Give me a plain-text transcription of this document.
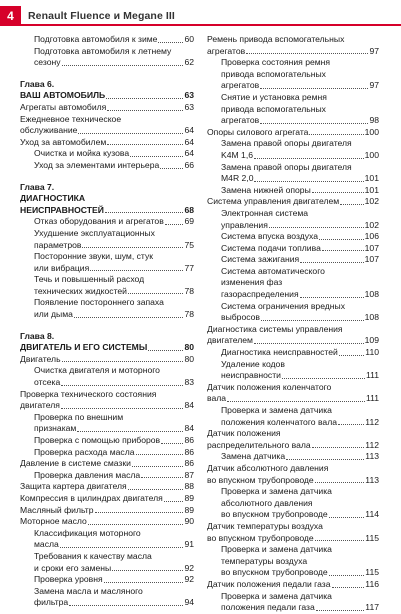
4	Renault Fluence и Megane III
Подготовка автомобиля к зиме	60
Подготовка автомобиля к летнему
сезону	62
Глава 6.
ВАШ АВТОМОБИЛЬ	63
Агрегаты автомобиля	63
Ежедневное техническое
обслуживание	64
Уход за автомобилем	64
Очистка и мойка кузова	64
Уход за элементами интерьера	66
Глава 7.
ДИАГНОСТИКА
НЕИСПРАВНОСТЕЙ	68
Отказ оборудования и агрегатов 69
Ухудшение эксплуатационных
параметров	75
Посторонние звуки, шум, стук
или вибрация	77
Течь и повышенный расход
технических жидкостей	78
Появление постороннего запаха
или дыма	78
Глава 8.
ДВИГАТЕЛЬ И ЕГО СИСТЕМЫ	80
Двигатель	80
Очистка двигателя и моторного
отсека	83
Проверка технического состояния
двигателя	84
Проверка по внешним
признакам	84
Проверка с помощью приборов	86
Проверка расхода масла	86
Давление в системе смазки	86
Проверка давления масла	87
Защита картера двигателя	88
Компрессия в цилиндрах двигателя	89
Масляный фильтр	89
Моторное масло	90
Классификация моторного
масла	91
Требования к качеству масла
и сроки его замены	92
Проверка уровня	92
Замена масла и масляного
фильтра	94
Ремень привода вспомогательных
агрегатов	97
Проверка состояния ремня
привода вспомогательных
агрегатов	97
Снятие и установка ремня
привода вспомогательных
агрегатов	98
Опоры силового агрегата	100
Замена правой опоры двигателя
K4M 1,6	100
Замена правой опоры двигателя
M4R 2,0	101
Замена нижней опоры	101
Система управления двигателем	102
Электронная система
управления	102
Система впуска воздуха	106
Система подачи топлива	107
Система зажигания	107
Система автоматического
изменения фаз
газораспределения	108
Система ограничения вредных
выбросов	108
Диагностика системы управления
двигателем	109
Диагностика неисправностей	110
Удаление кодов
неисправности	111
Датчик положения коленчатого
вала	111
Проверка и замена датчика
положения коленчатого вала	112
Датчик положения
распределительного вала	112
Замена датчика	113
Датчик абсолютного давления
во впускном трубопроводе	113
Проверка и замена датчика
абсолютного давления
во впускном трубопроводе	114
Датчик температуры воздуха
во впускном трубопроводе	115
Проверка и замена датчика
температуры воздуха
во впускном трубопроводе	115
Датчик положения педали газа	116
Проверка и замена датчика
положения педали газа	117
